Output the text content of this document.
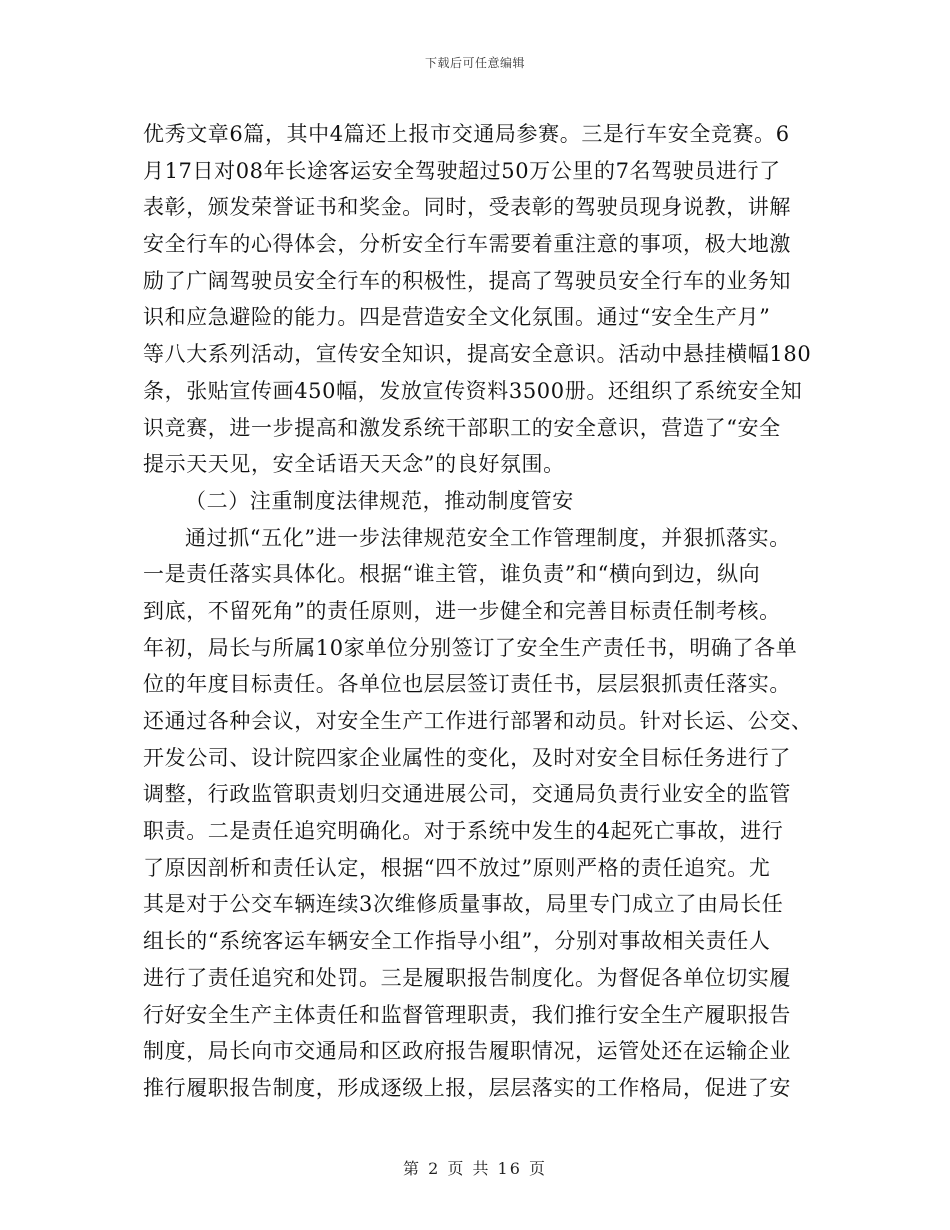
下载后可任意编辑
优秀文章6篇，其中4篇还上报市交通局参赛。三是行车安全竞赛。6
月17日对08年长途客运安全驾驶超过50万公里的7名驾驶员进行了
表彰，颁发荣誉证书和奖金。同时，受表彰的驾驶员现身说教，讲解
安全行车的心得体会，分析安全行车需要着重注意的事项，极大地激
励了广阔驾驶员安全行车的积极性，提高了驾驶员安全行车的业务知
识和应急避险的能力。四是营造安全文化氛围。通过“安全生产月”
等八大系列活动，宣传安全知识，提高安全意识。活动中悬挂横幅180
条，张贴宣传画450幅，发放宣传资料3500册。还组织了系统安全知
识竞赛，进一步提高和激发系统干部职工的安全意识，营造了“安全
提示天天见，安全话语天天念”的良好氛围。
（二）注重制度法律规范，推动制度管安
通过抓“五化”进一步法律规范安全工作管理制度，并狠抓落实。
一是责任落实具体化。根据“谁主管，谁负责”和“横向到边，纵向
到底，不留死角”的责任原则，进一步健全和完善目标责任制考核。
年初，局长与所属10家单位分别签订了安全生产责任书，明确了各单
位的年度目标责任。各单位也层层签订责任书，层层狠抓责任落实。
还通过各种会议，对安全生产工作进行部署和动员。针对长运、公交、
开发公司、设计院四家企业属性的变化，及时对安全目标任务进行了
调整，行政监管职责划归交通进展公司，交通局负责行业安全的监管
职责。二是责任追究明确化。对于系统中发生的4起死亡事故，进行
了原因剖析和责任认定，根据“四不放过”原则严格的责任追究。尤
其是对于公交车辆连续3次维修质量事故，局里专门成立了由局长任
组长的“系统客运车辆安全工作指导小组”，分别对事故相关责任人
进行了责任追究和处罚。三是履职报告制度化。为督促各单位切实履
行好安全生产主体责任和监督管理职责，我们推行安全生产履职报告
制度，局长向市交通局和区政府报告履职情况，运管处还在运输企业
推行履职报告制度，形成逐级上报，层层落实的工作格局，促进了安
第 2 页 共 16 页
